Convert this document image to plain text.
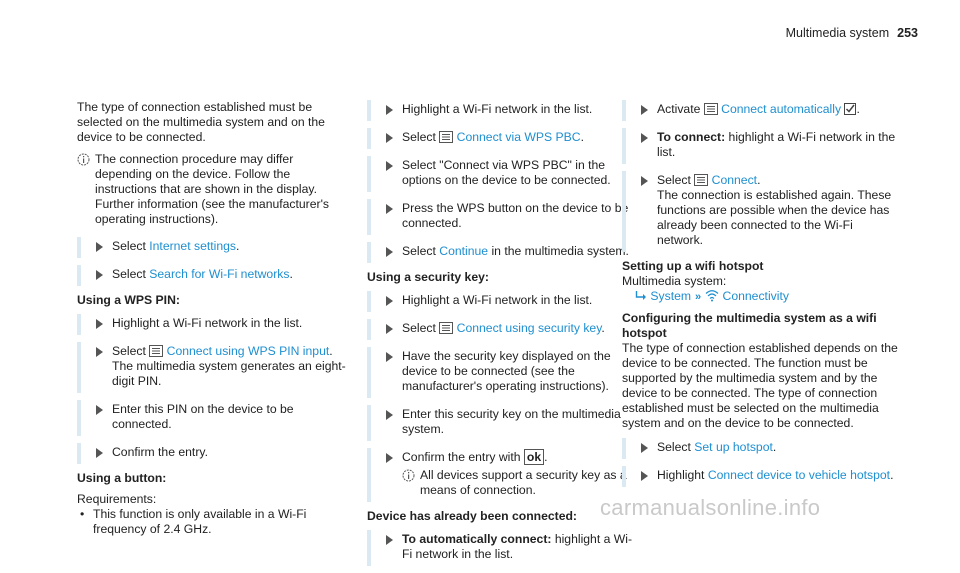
Multimedia system 253

The type of connection established must be selected on the multimedia system and on the device to be connected.

The connection procedure may differ depending on the device. Follow the instructions that are shown in the display. Further information (see the manufacturer's operating instructions).
Select Internet settings.
Select Search for Wi-Fi networks.
Using a WPS PIN:
Highlight a Wi-Fi network in the list.
Select  Connect using WPS PIN input.
The multimedia system generates an eight-digit PIN.
Enter this PIN on the device to be connected.
Confirm the entry.
Using a button:
Requirements:
• This function is only available in a Wi-Fi frequency of 2.4 GHz.
Highlight a Wi-Fi network in the list.
Select  Connect via WPS PBC.
Select "Connect via WPS PBC" in the options on the device to be connected.
Press the WPS button on the device to be connected.
Select Continue in the multimedia system.
Using a security key:
Highlight a Wi-Fi network in the list.
Select  Connect using security key.
Have the security key displayed on the device to be connected (see the manufacturer's operating instructions).
Enter this security key on the multimedia system.
Confirm the entry with ok .

All devices support a security key as a means of connection.
Device has already been connected:
To automatically connect: highlight a Wi-Fi network in the list.
Activate  Connect automatically .
To connect: highlight a Wi-Fi network in the list.
Select  Connect.
The connection is established again. These functions are possible when the device has already been connected to the Wi-Fi network.
Setting up a wifi hotspot
Multimedia system:
System » Connectivity
Configuring the multimedia system as a wifi hotspot

The type of connection established depends on the device to be connected. The function must be supported by the multimedia system and by the device to be connected. The type of connection established must be selected on the multimedia system and on the device to be connected.

Select Set up hotspot.
Highlight Connect device to vehicle hotspot.
carmanualsonline.info
